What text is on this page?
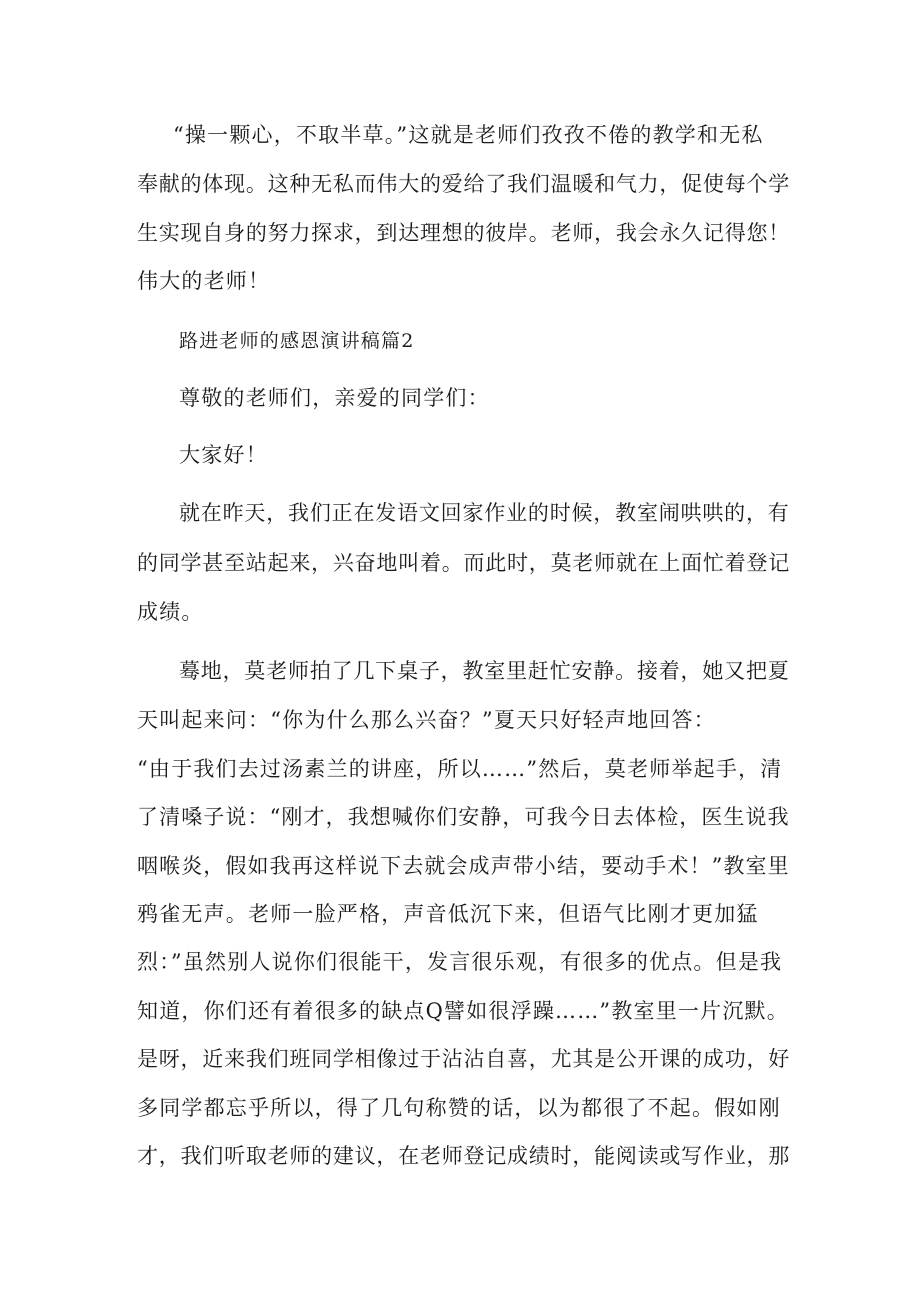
“操一颗心，不取半草。”这就是老师们孜孜不倦的教学和无私
奉献的体现。这种无私而伟大的爱给了我们温暖和气力，促使每个学
生实现自身的努力探求，到达理想的彼岸。老师，我会永久记得您！
伟大的老师！
路进老师的感恩演讲稿篇2
尊敬的老师们，亲爱的同学们：
大家好！
就在昨天，我们正在发语文回家作业的时候，教室闹哄哄的，有
的同学甚至站起来，兴奋地叫着。而此时，莫老师就在上面忙着登记
成绩。
蓦地，莫老师拍了几下桌子，教室里赶忙安静。接着，她又把夏
天叫起来问：“你为什么那么兴奋？”夏天只好轻声地回答：
“由于我们去过汤素兰的讲座，所以……”然后，莫老师举起手，清
了清嗓子说：“刚才，我想喊你们安静，可我今日去体检，医生说我
咽喉炎，假如我再这样说下去就会成声带小结，要动手术！”教室里
鸦雀无声。老师一脸严格，声音低沉下来，但语气比刚才更加猛
烈：”虽然别人说你们很能干，发言很乐观，有很多的优点。但是我
知道，你们还有着很多的缺点Q譬如很浮躁……”教室里一片沉默。
是呀，近来我们班同学相像过于沾沾自喜，尤其是公开课的成功，好
多同学都忘乎所以，得了几句称赞的话，以为都很了不起。假如刚
才，我们听取老师的建议，在老师登记成绩时，能阅读或写作业，那
